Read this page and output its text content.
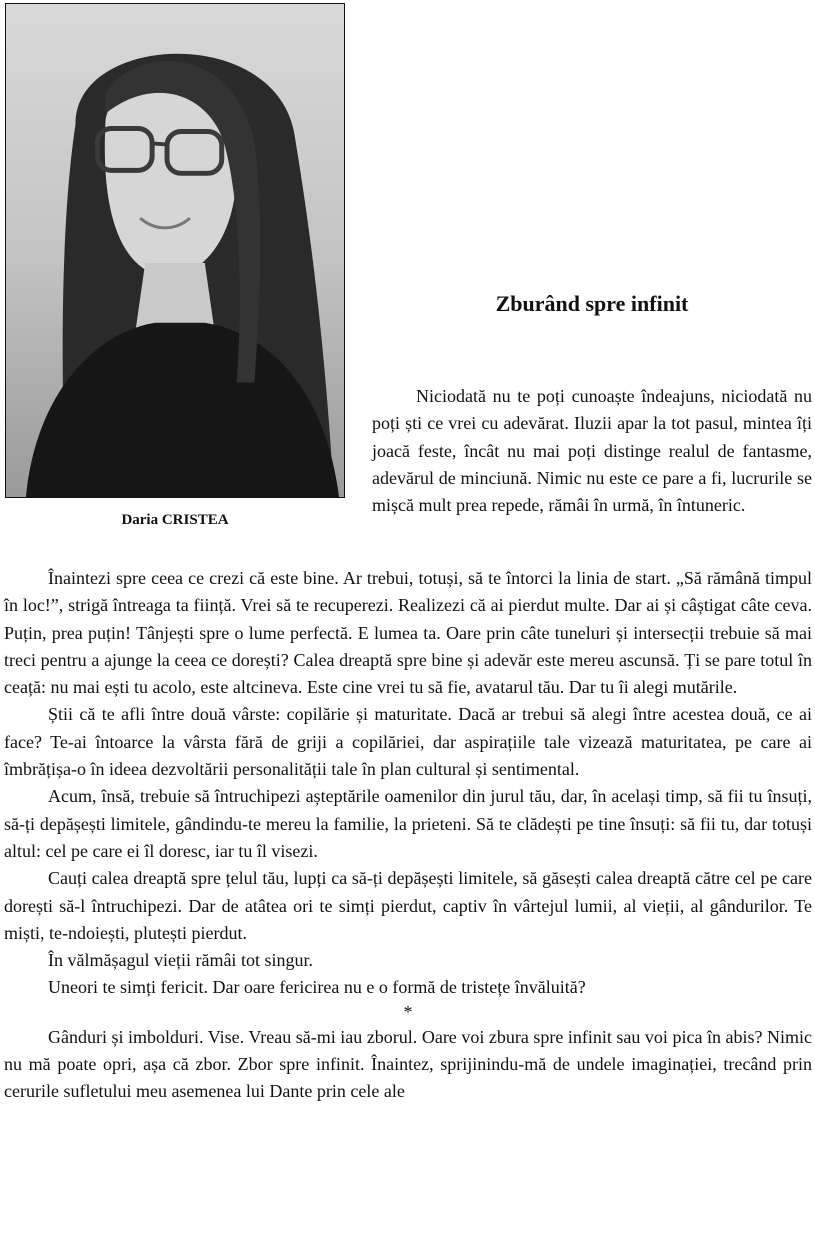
Daria CRISTEA
Zburând spre infinit

Niciodată nu te poți cunoaște îndeajuns, niciodată nu poți ști ce vrei cu adevărat. Iluzii apar la tot pasul, mintea îți joacă feste, încât nu mai poți distinge realul de fantasme, adevărul de minciună. Nimic nu este ce pare a fi, lucrurile se mișcă mult prea repede, rămâi în urmă, în întuneric.

Înaintezi spre ceea ce crezi că este bine. Ar trebui, totuși, să te întorci la linia de start. „Să rămână timpul în loc!”, strigă întreaga ta ființă. Vrei să te recuperezi. Realizezi că ai pierdut multe. Dar ai și câștigat câte ceva. Puțin, prea puțin! Tânjești spre o lume perfectă. E lumea ta. Oare prin câte tuneluri și intersecții trebuie să mai treci pentru a ajunge la ceea ce dorești? Calea dreaptă spre bine și adevăr este mereu ascunsă. Ți se pare totul în ceață: nu mai ești tu acolo, este altcineva. Este cine vrei tu să fie, avatarul tău. Dar tu îi alegi mutările.

Știi că te afli între două vârste: copilărie și maturitate. Dacă ar trebui să alegi între acestea două, ce ai face? Te-ai întoarce la vârsta fără de griji a copilăriei, dar aspirațiile tale vizează maturitatea, pe care ai îmbrățișa-o în ideea dezvoltării personalității tale în plan cultural și sentimental.

Acum, însă, trebuie să întruchipezi așteptările oamenilor din jurul tău, dar, în același timp, să fii tu însuți, să-ți depășești limitele, gândindu-te mereu la familie, la prieteni. Să te clădești pe tine însuți: să fii tu, dar totuși altul: cel pe care ei îl doresc, iar tu îl visezi.

Cauți calea dreaptă spre țelul tău, lupți ca să-ți depășești limitele, să găsești calea dreaptă către cel pe care dorești să-l întruchipezi. Dar de atâtea ori te simți pierdut, captiv în vârtejul lumii, al vieții, al gândurilor. Te miști, te-ndoiești, plutești pierdut.

În vălmășagul vieții rămâi tot singur.

Uneori te simți fericit. Dar oare fericirea nu e o formă de tristețe învăluită?

*

Gânduri și imbolduri. Vise. Vreau să-mi iau zborul. Oare voi zbura spre infinit sau voi pica în abis? Nimic nu mă poate opri, așa că zbor. Zbor spre infinit. Înaintez, sprijinindu-mă de undele imaginației, trecând prin cerurile sufletului meu asemenea lui Dante prin cele ale
